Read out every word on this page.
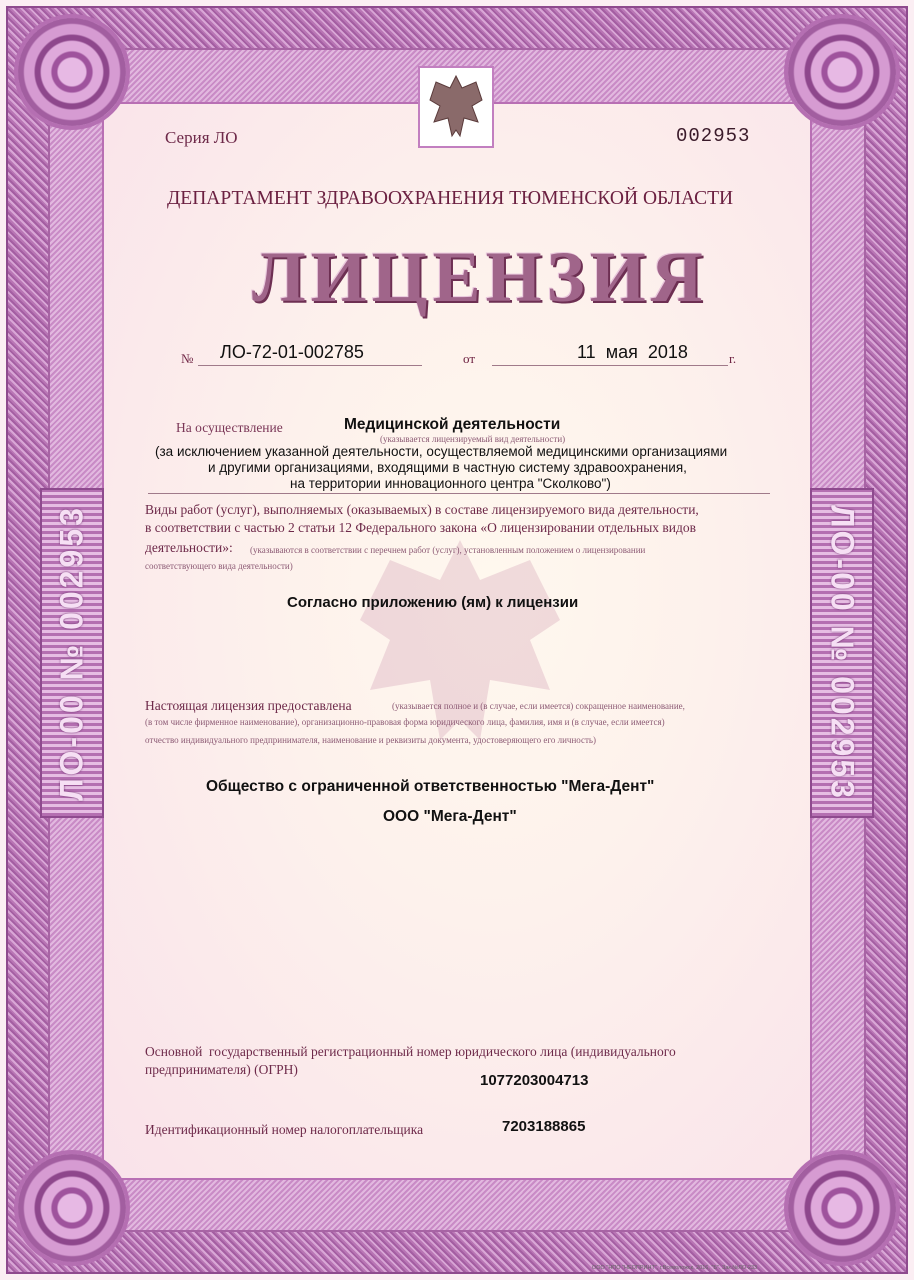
ЛО-00 № 002953	ЛО-00 № 002953
Серия ЛО	002953
ДЕПАРТАМЕНТ ЗДРАВООХРАНЕНИЯ ТЮМЕНСКОЙ ОБЛАСТИ
ЛИЦЕНЗИЯ
№ ЛО-72-01-002785	от	11  мая  2018	г.
На осуществление	Медицинской деятельности
(указывается лицензируемый вид деятельности)
(за исключением указанной деятельности, осуществляемой медицинскими организациями
и другими организациями, входящими в частную систему здравоохранения,
на территории инновационного центра "Сколково")
Виды работ (услуг), выполняемых (оказываемых) в составе лицензируемого вида деятельности,
в соответствии с частью 2 статьи 12 Федерального закона «О лицензировании отдельных видов
деятельности»: (указываются в соответствии с перечнем работ (услуг), установленным положением о лицензировании
соответствующего вида деятельности)
Согласно приложению (ям) к лицензии
Настоящая лицензия предоставлена	(указывается полное и (в случае, если имеется) сокращенное наименование,
(в том числе фирменное наименование), организационно-правовая форма юридического лица, фамилия, имя и (в случае, если имеется)
отчество индивидуального предпринимателя, наименование и реквизиты документа, удостоверяющего его личность)
Общество с ограниченной ответственностью "Мега-Дент"
ООО "Мега-Дент"
Основной  государственный регистрационный номер юридического лица (индивидуального
предпринимателя) (ОГРН)
1077203004713
Идентификационный номер налогоплательщика	7203188865
ООО "НПО "НЕОПРИНТ", г.Всеволожск, 2016, "Б". Зак.№ЛО-233
